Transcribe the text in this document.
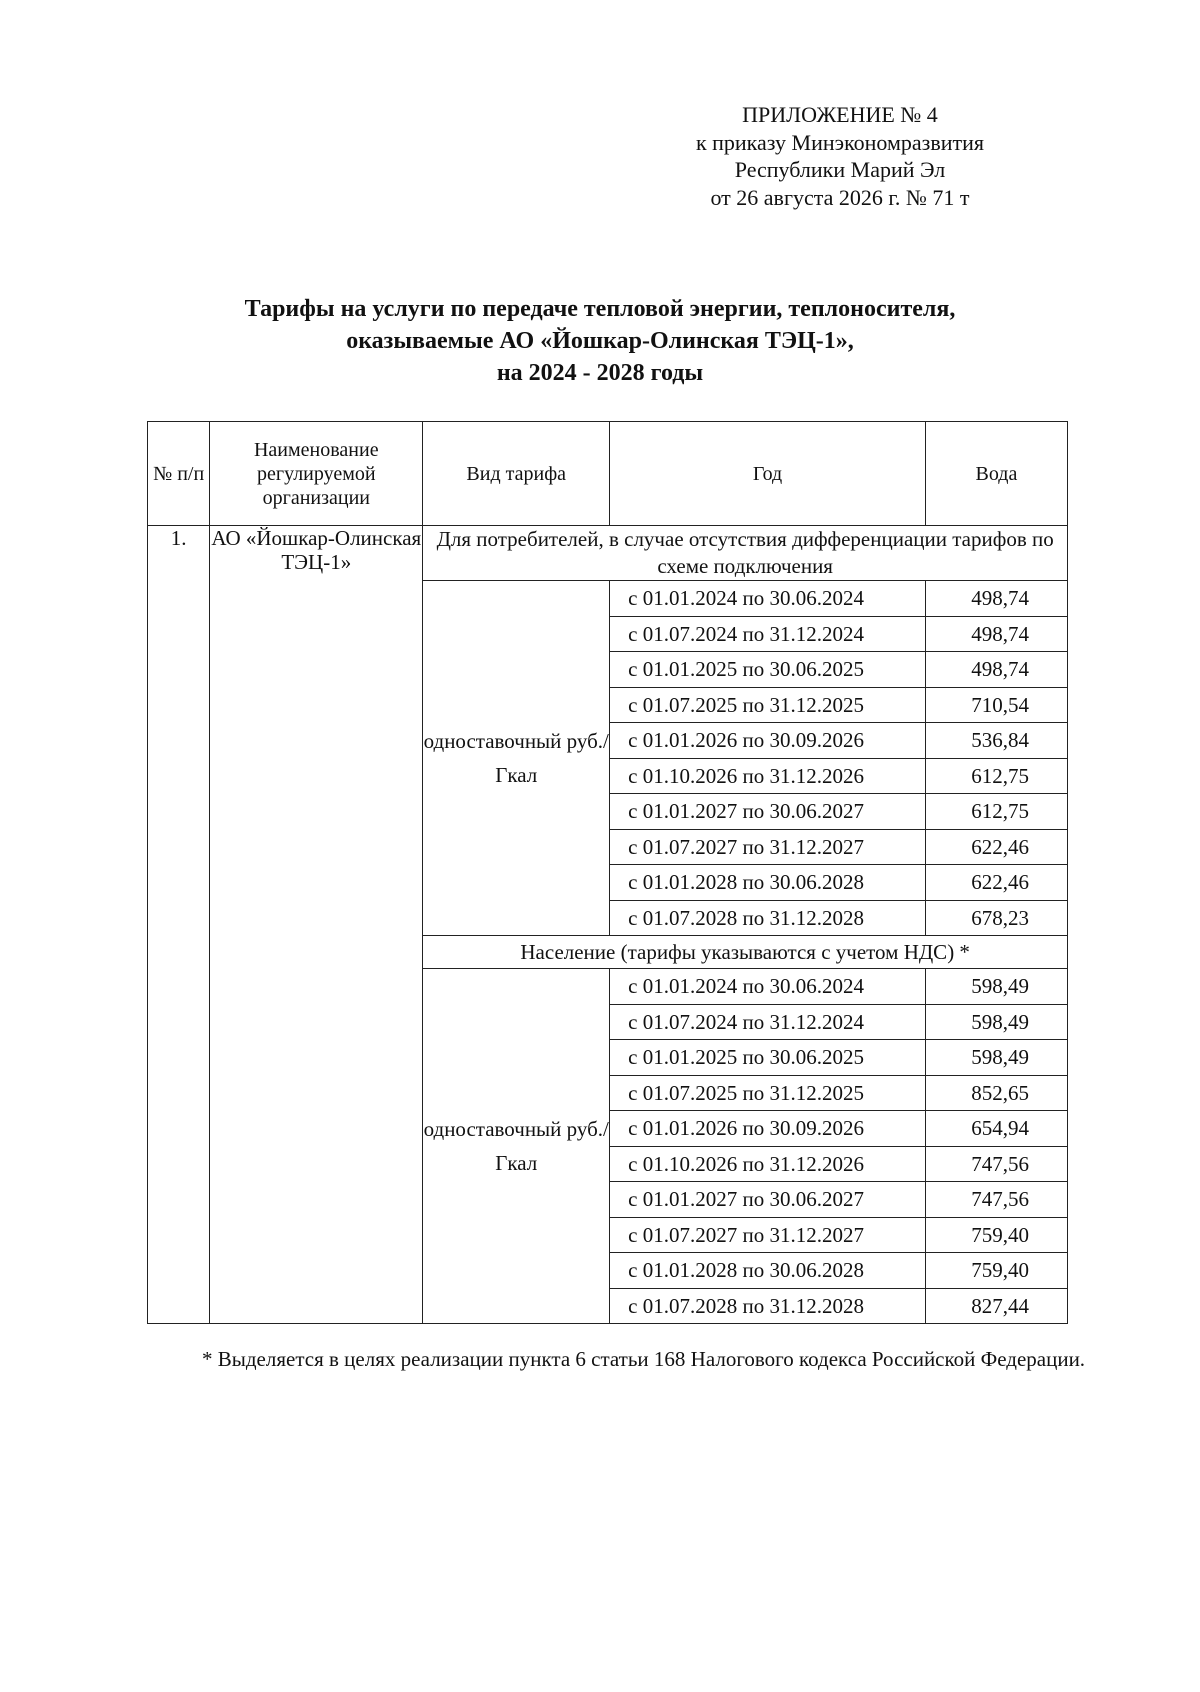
ПРИЛОЖЕНИЕ № 4
к приказу Минэкономразвития
Республики Марий Эл
от 26 августа 2026 г. № 71 т
Тарифы на услуги по передаче тепловой энергии, теплоносителя,
оказываемые АО «Йошкар-Олинская ТЭЦ-1»,
на 2024 - 2028 годы
№ п/п	Наименование регулируемой организации	Вид тарифа	Год	Вода
1.	АО «Йошкар-Олинская ТЭЦ-1»	Для потребителей, в случае отсутствия дифференциации тарифов по схеме подключения		
		одноставочный руб./Гкал	с 01.01.2024 по 30.06.2024	498,74
			с 01.07.2024 по 31.12.2024	498,74
			с 01.01.2025 по 30.06.2025	498,74
			с 01.07.2025 по 31.12.2025	710,54
			с 01.01.2026 по 30.09.2026	536,84
			с 01.10.2026 по 31.12.2026	612,75
			с 01.01.2027 по 30.06.2027	612,75
			с 01.07.2027 по 31.12.2027	622,46
			с 01.01.2028 по 30.06.2028	622,46
			с 01.07.2028 по 31.12.2028	678,23
		Население (тарифы указываются с учетом НДС) *		
		одноставочный руб./Гкал	с 01.01.2024 по 30.06.2024	598,49
			с 01.07.2024 по 31.12.2024	598,49
			с 01.01.2025 по 30.06.2025	598,49
			с 01.07.2025 по 31.12.2025	852,65
			с 01.01.2026 по 30.09.2026	654,94
			с 01.10.2026 по 31.12.2026	747,56
			с 01.01.2027 по 30.06.2027	747,56
			с 01.07.2027 по 31.12.2027	759,40
			с 01.01.2028 по 30.06.2028	759,40
			с 01.07.2028 по 31.12.2028	827,44
* Выделяется в целях реализации пункта 6 статьи 168 Налогового кодекса Российской Федерации.
